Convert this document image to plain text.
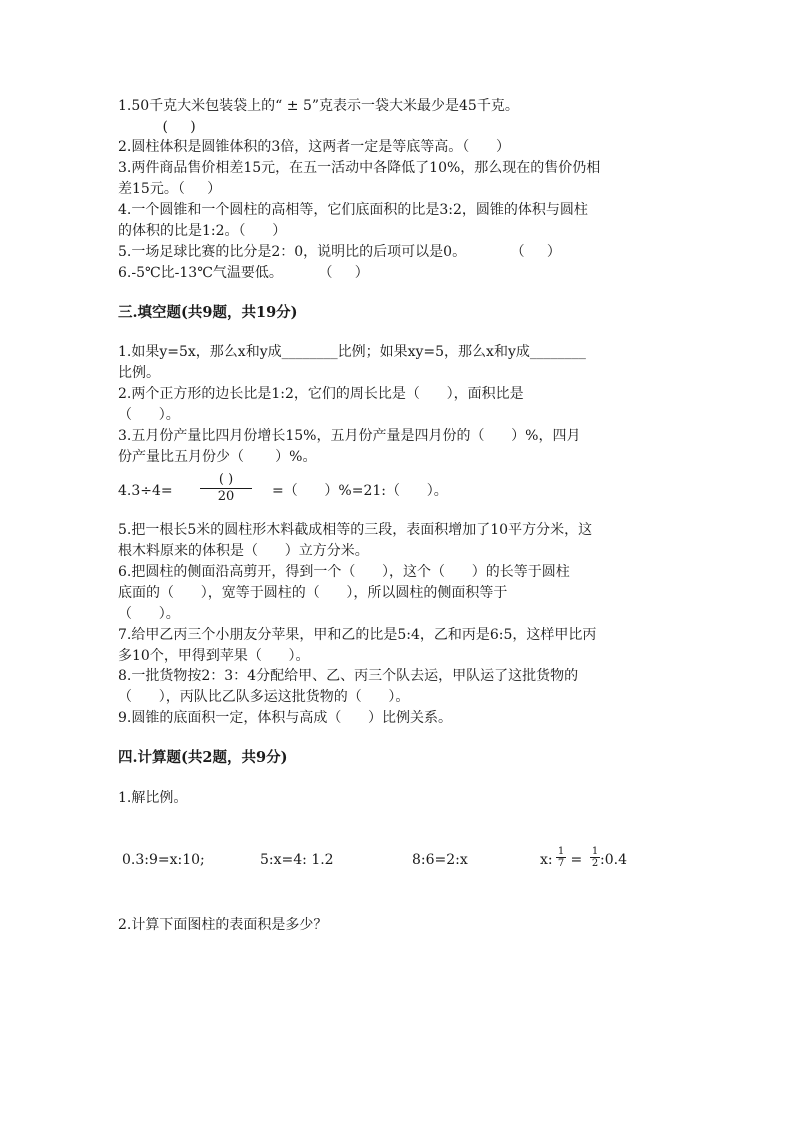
1.50千克大米包装袋上的“ ± 5”克表示一袋大米最少是45千克。
(     )
2.圆柱体积是圆锥体积的3倍，这两者一定是等底等高。（      ）
3.两件商品售价相差15元，在五一活动中各降低了10%，那么现在的售价仍相
差15元。（     ）
4.一个圆锥和一个圆柱的高相等，它们底面积的比是3:2，圆锥的体积与圆柱
的体积的比是1:2。（      ）
5.一场足球比赛的比分是2：0，说明比的后项可以是0。          （     ）
6.-5℃比-13℃气温要低。        （     ）
三.填空题(共9题，共19分)
1.如果y=5x，那么x和y成________比例；如果xy=5，那么x和y成________
比例。
2.两个正方形的边长比是1:2，它们的周长比是（      ），面积比是
（      ）。
3.五月份产量比四月份增长15%，五月份产量是四月份的（      ）%，四月
份产量比五月份少（       ）%。
4.3÷4=
( )
20	=（      ）%=21:（      ）。
5.把一根长5米的圆柱形木料截成相等的三段，表面积增加了10平方分米，这
根木料原来的体积是（      ）立方分米。
6.把圆柱的侧面沿高剪开，得到一个（      ），这个（      ）的长等于圆柱
底面的（      ），宽等于圆柱的（      ），所以圆柱的侧面积等于
（      ）。
7.给甲乙丙三个小朋友分苹果，甲和乙的比是5:4，乙和丙是6:5，这样甲比丙
多10个，甲得到苹果（      ）。
8.一批货物按2：3：4分配给甲、乙、丙三个队去运，甲队运了这批货物的
（      ），丙队比乙队多运这批货物的（      ）。
9.圆锥的底面积一定，体积与高成（      ）比例关系。
四.计算题(共2题，共9分)
1.解比例。
0.3:9=x:10;	5:x=4: 1.2	8:6=2:x	x:
1
7 =
1
2 :0.4
2.计算下面图柱的表面积是多少？
